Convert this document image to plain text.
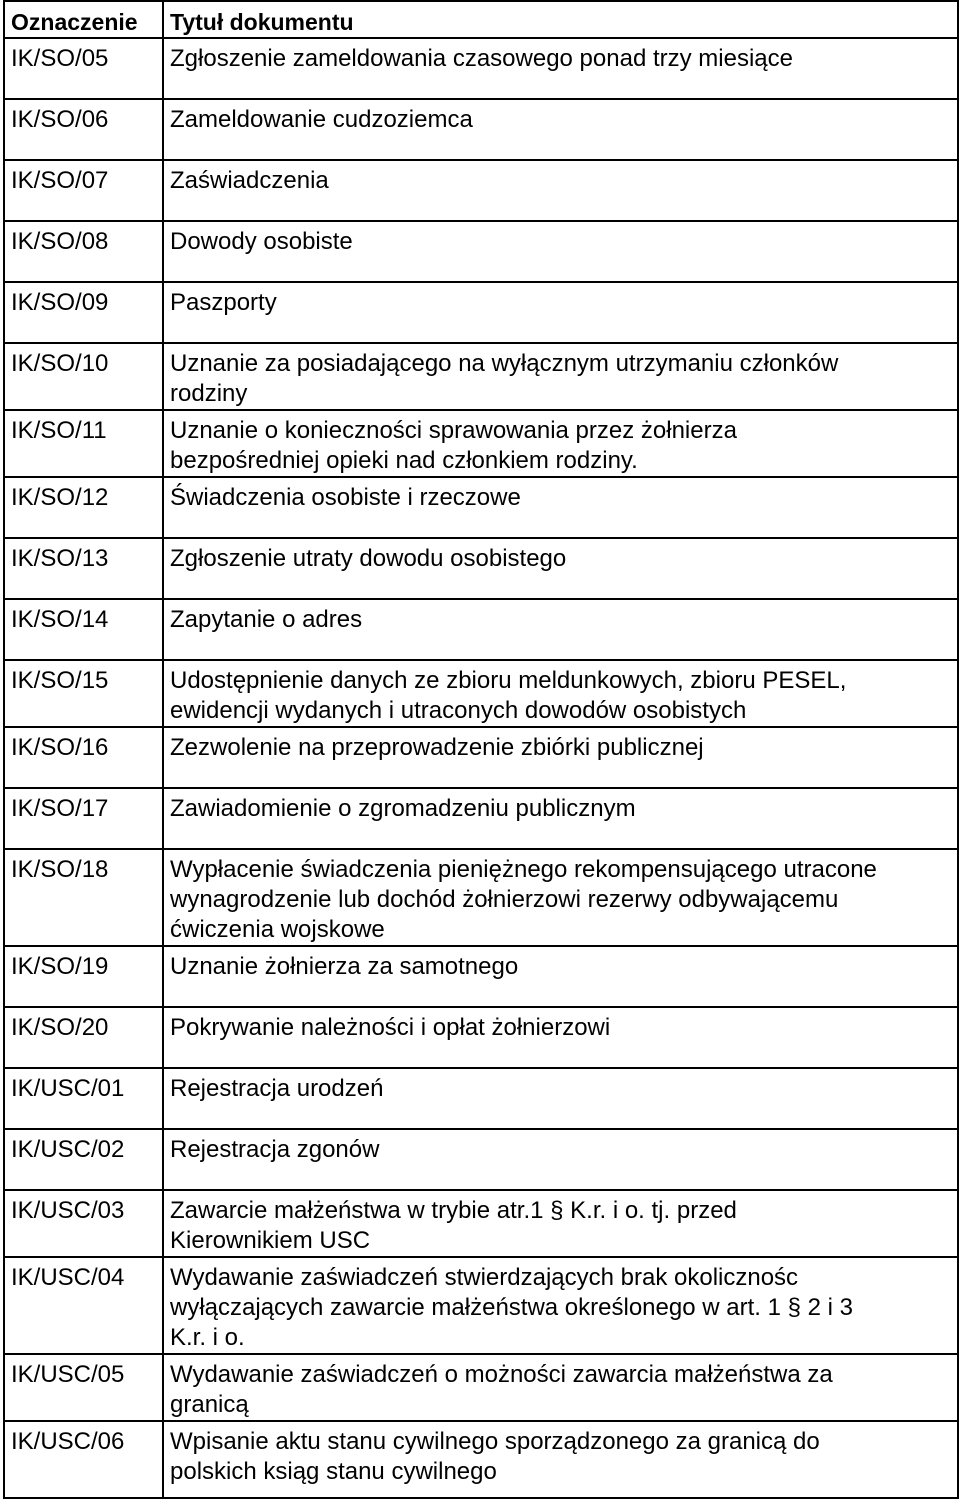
Oznaczenie	Tytuł dokumentu
IK/SO/05	Zgłoszenie zameldowania czasowego ponad trzy miesiące
IK/SO/06	Zameldowanie cudzoziemca
IK/SO/07	Zaświadczenia
IK/SO/08	Dowody osobiste
IK/SO/09	Paszporty
IK/SO/10	Uznanie za posiadającego na wyłącznym utrzymaniu członków
rodziny
IK/SO/11	Uznanie o konieczności sprawowania przez żołnierza
bezpośredniej opieki nad członkiem rodziny.
IK/SO/12	Świadczenia osobiste i rzeczowe
IK/SO/13	Zgłoszenie utraty dowodu osobistego
IK/SO/14	Zapytanie o adres
IK/SO/15	Udostępnienie danych ze zbioru meldunkowych, zbioru PESEL,
ewidencji wydanych i utraconych dowodów osobistych
IK/SO/16	Zezwolenie na przeprowadzenie zbiórki publicznej
IK/SO/17	Zawiadomienie o zgromadzeniu publicznym
IK/SO/18	Wypłacenie świadczenia pieniężnego rekompensującego utracone
wynagrodzenie lub dochód żołnierzowi rezerwy odbywającemu
ćwiczenia wojskowe
IK/SO/19	Uznanie żołnierza za samotnego
IK/SO/20	Pokrywanie należności i opłat żołnierzowi
IK/USC/01	Rejestracja urodzeń
IK/USC/02	Rejestracja zgonów
IK/USC/03	Zawarcie małżeństwa w trybie atr.1 § K.r. i o. tj. przed
Kierownikiem USC
IK/USC/04	Wydawanie zaświadczeń stwierdzających brak okolicznośc
wyłączających zawarcie małżeństwa określonego w art. 1 § 2 i 3
K.r. i o.
IK/USC/05	Wydawanie zaświadczeń o możności zawarcia małżeństwa za
granicą
IK/USC/06	Wpisanie aktu stanu cywilnego sporządzonego za granicą do
polskich ksiąg stanu cywilnego
